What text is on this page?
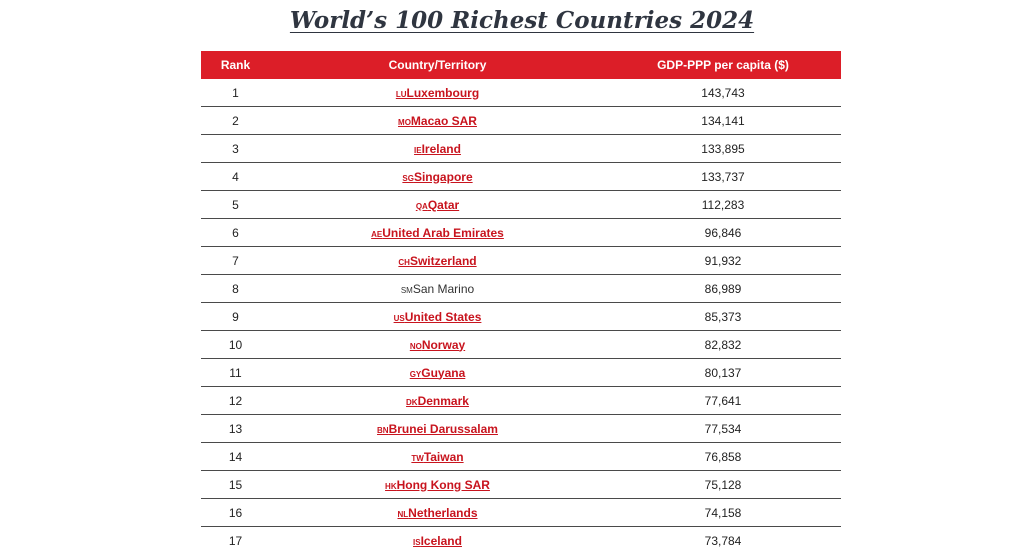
World’s 100 Richest Countries 2024
Rank	Country/Territory	GDP-PPP per capita ($)
1	LULuxembourg	143,743
2	MOMacao SAR	134,141
3	IEIreland	133,895
4	SGSingapore	133,737
5	QAQatar	112,283
6	AEUnited Arab Emirates	96,846
7	CHSwitzerland	91,932
8	SMSan Marino	86,989
9	USUnited States	85,373
10	NONorway	82,832
11	GYGuyana	80,137
12	DKDenmark	77,641
13	BNBrunei Darussalam	77,534
14	TWTaiwan	76,858
15	HKHong Kong SAR	75,128
16	NLNetherlands	74,158
17	ISIceland	73,784
